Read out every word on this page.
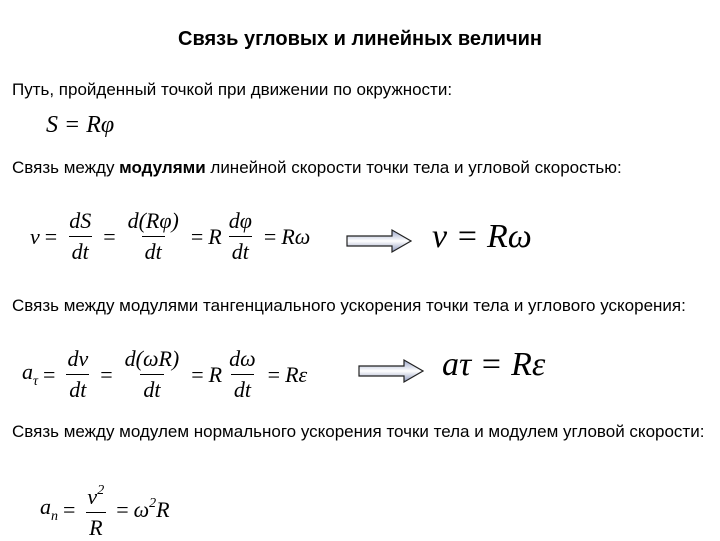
Связь угловых и линейных величин
Путь, пройденный точкой при движении по окружности:
S = Rφ
Связь между модулями линейной скорости точки тела и угловой скоростью:
$v = \frac{dS}{dt} = \frac{d(R\varphi)}{dt} = R \frac{d\varphi}{dt} = R\omega$	v = Rω
Связь между модулями тангенциального ускорения точки тела и углового ускорения:
$a_\tau = \frac{dv}{dt} = \frac{d(\omega R)}{dt} = R \frac{d\omega}{dt} = R\varepsilon$	aτ = Rε
Связь между модулем нормального ускорения точки тела и модулем угловой скорости:
$a_n = \frac{v^2}{R} = \omega^2R$
